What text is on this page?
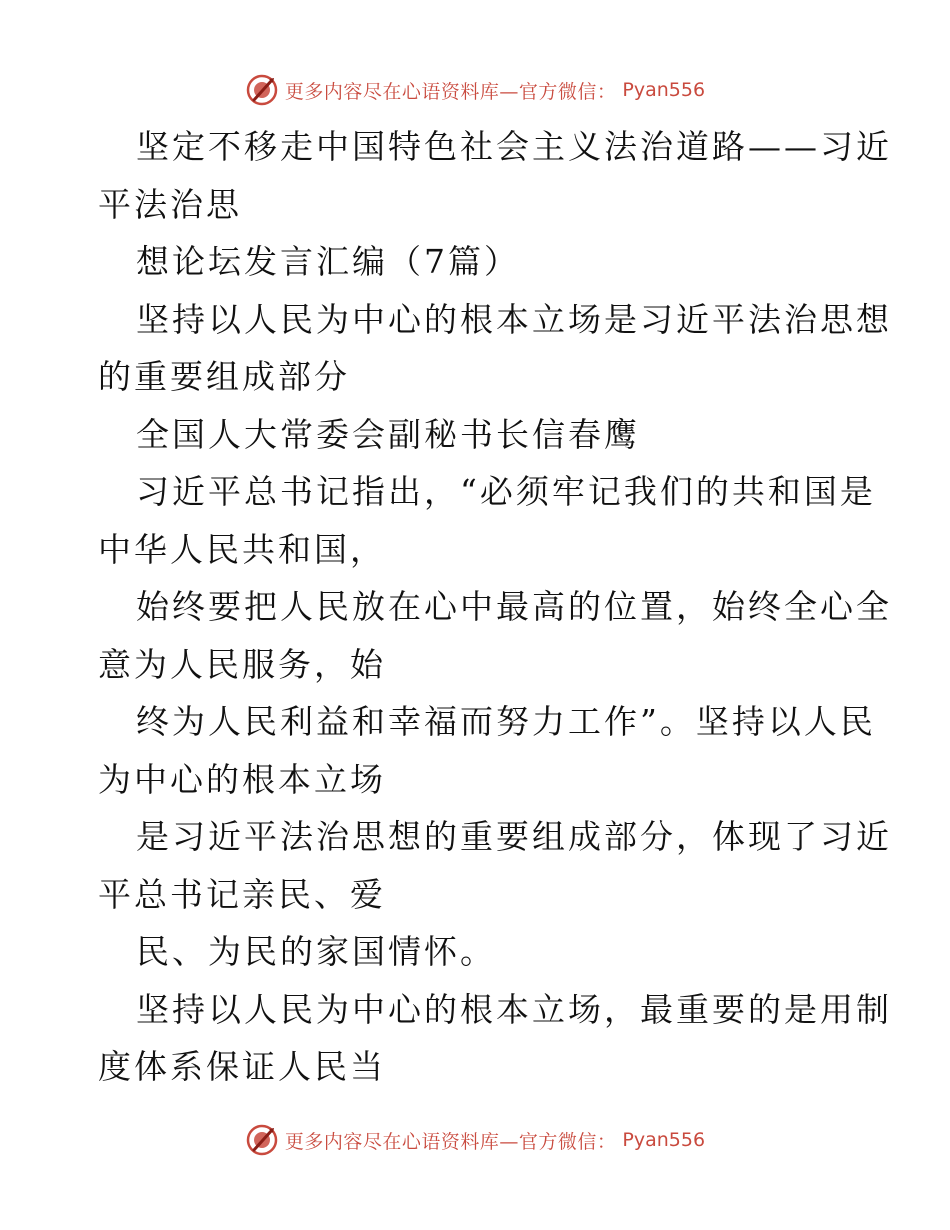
更多内容尽在心语资料库—官方微信： Pyan556
坚定不移走中国特色社会主义法治道路——习近
平法治思
想论坛发言汇编（7篇）
坚持以人民为中心的根本立场是习近平法治思想
的重要组成部分
全国人大常委会副秘书长信春鹰
习近平总书记指出，“必须牢记我们的共和国是
中华人民共和国，
始终要把人民放在心中最高的位置，始终全心全
意为人民服务，始
终为人民利益和幸福而努力工作”。坚持以人民
为中心的根本立场
是习近平法治思想的重要组成部分，体现了习近
平总书记亲民、爱
民、为民的家国情怀。
坚持以人民为中心的根本立场，最重要的是用制
度体系保证人民当
更多内容尽在心语资料库—官方微信： Pyan556
